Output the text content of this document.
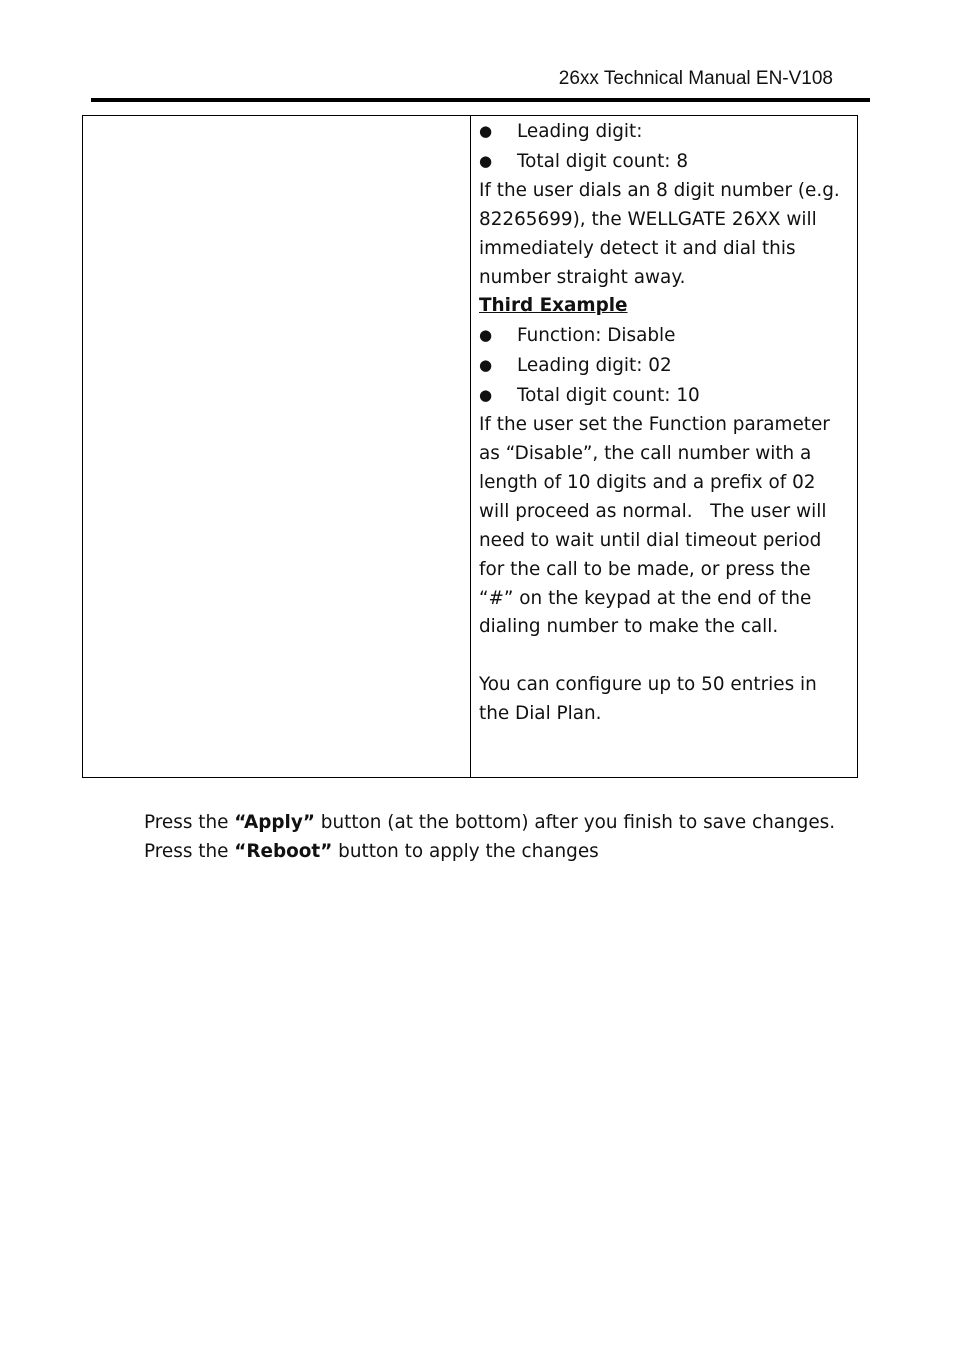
26xx Technical Manual EN-V108
● Leading digit:
● Total digit count: 8
If the user dials an 8 digit number (e.g.
82265699), the WELLGATE 26XX will
immediately detect it and dial this
number straight away.
Third Example
● Function: Disable
● Leading digit: 02
● Total digit count: 10
If the user set the Function parameter
as “Disable”, the call number with a
length of 10 digits and a prefix of 02
will proceed as normal.   The user will
need to wait until dial timeout period
for the call to be made, or press the
“#” on the keypad at the end of the
dialing number to make the call.
You can configure up to 50 entries in
the Dial Plan.
Press the “Apply” button (at the bottom) after you finish to save changes.
Press the “Reboot” button to apply the changes
